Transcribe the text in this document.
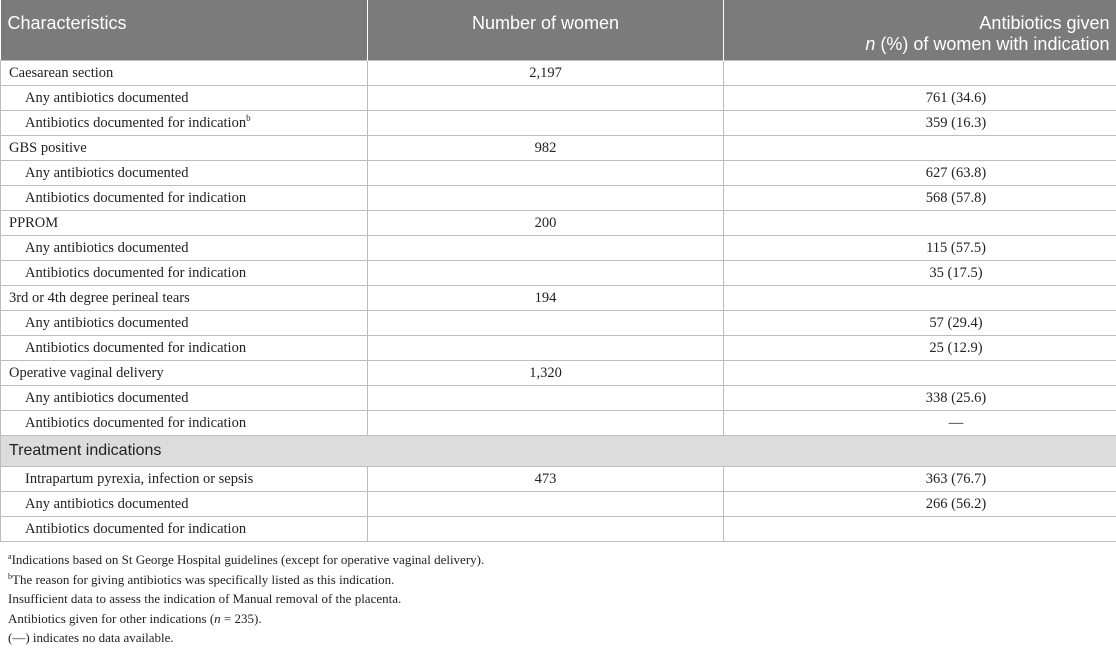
Characteristics	Number of women	Antibiotics given
n (%) of women with indication
Caesarean section	2,197	
Any antibiotics documented		761 (34.6)
Antibiotics documented for indication$^b$		359 (16.3)
GBS positive	982	
Any antibiotics documented		627 (63.8)
Antibiotics documented for indication		568 (57.8)
PPROM	200	
Any antibiotics documented		115 (57.5)
Antibiotics documented for indication		35 (17.5)
3rd or 4th degree perineal tears	194	
Any antibiotics documented		57 (29.4)
Antibiotics documented for indication		25 (12.9)
Operative vaginal delivery	1,320	
Any antibiotics documented		338 (25.6)
Antibiotics documented for indication		—
Treatment indications		
Intrapartum pyrexia, infection or sepsis	473	363 (76.7)
Any antibiotics documented		266 (56.2)
Antibiotics documented for indication		
$^a$Indications based on St George Hospital guidelines (except for operative vaginal delivery).
$^b$The reason for giving antibiotics was specifically listed as this indication.
Insufficient data to assess the indication of Manual removal of the placenta.
Antibiotics given for other indications (n = 235).
(—) indicates no data available.
